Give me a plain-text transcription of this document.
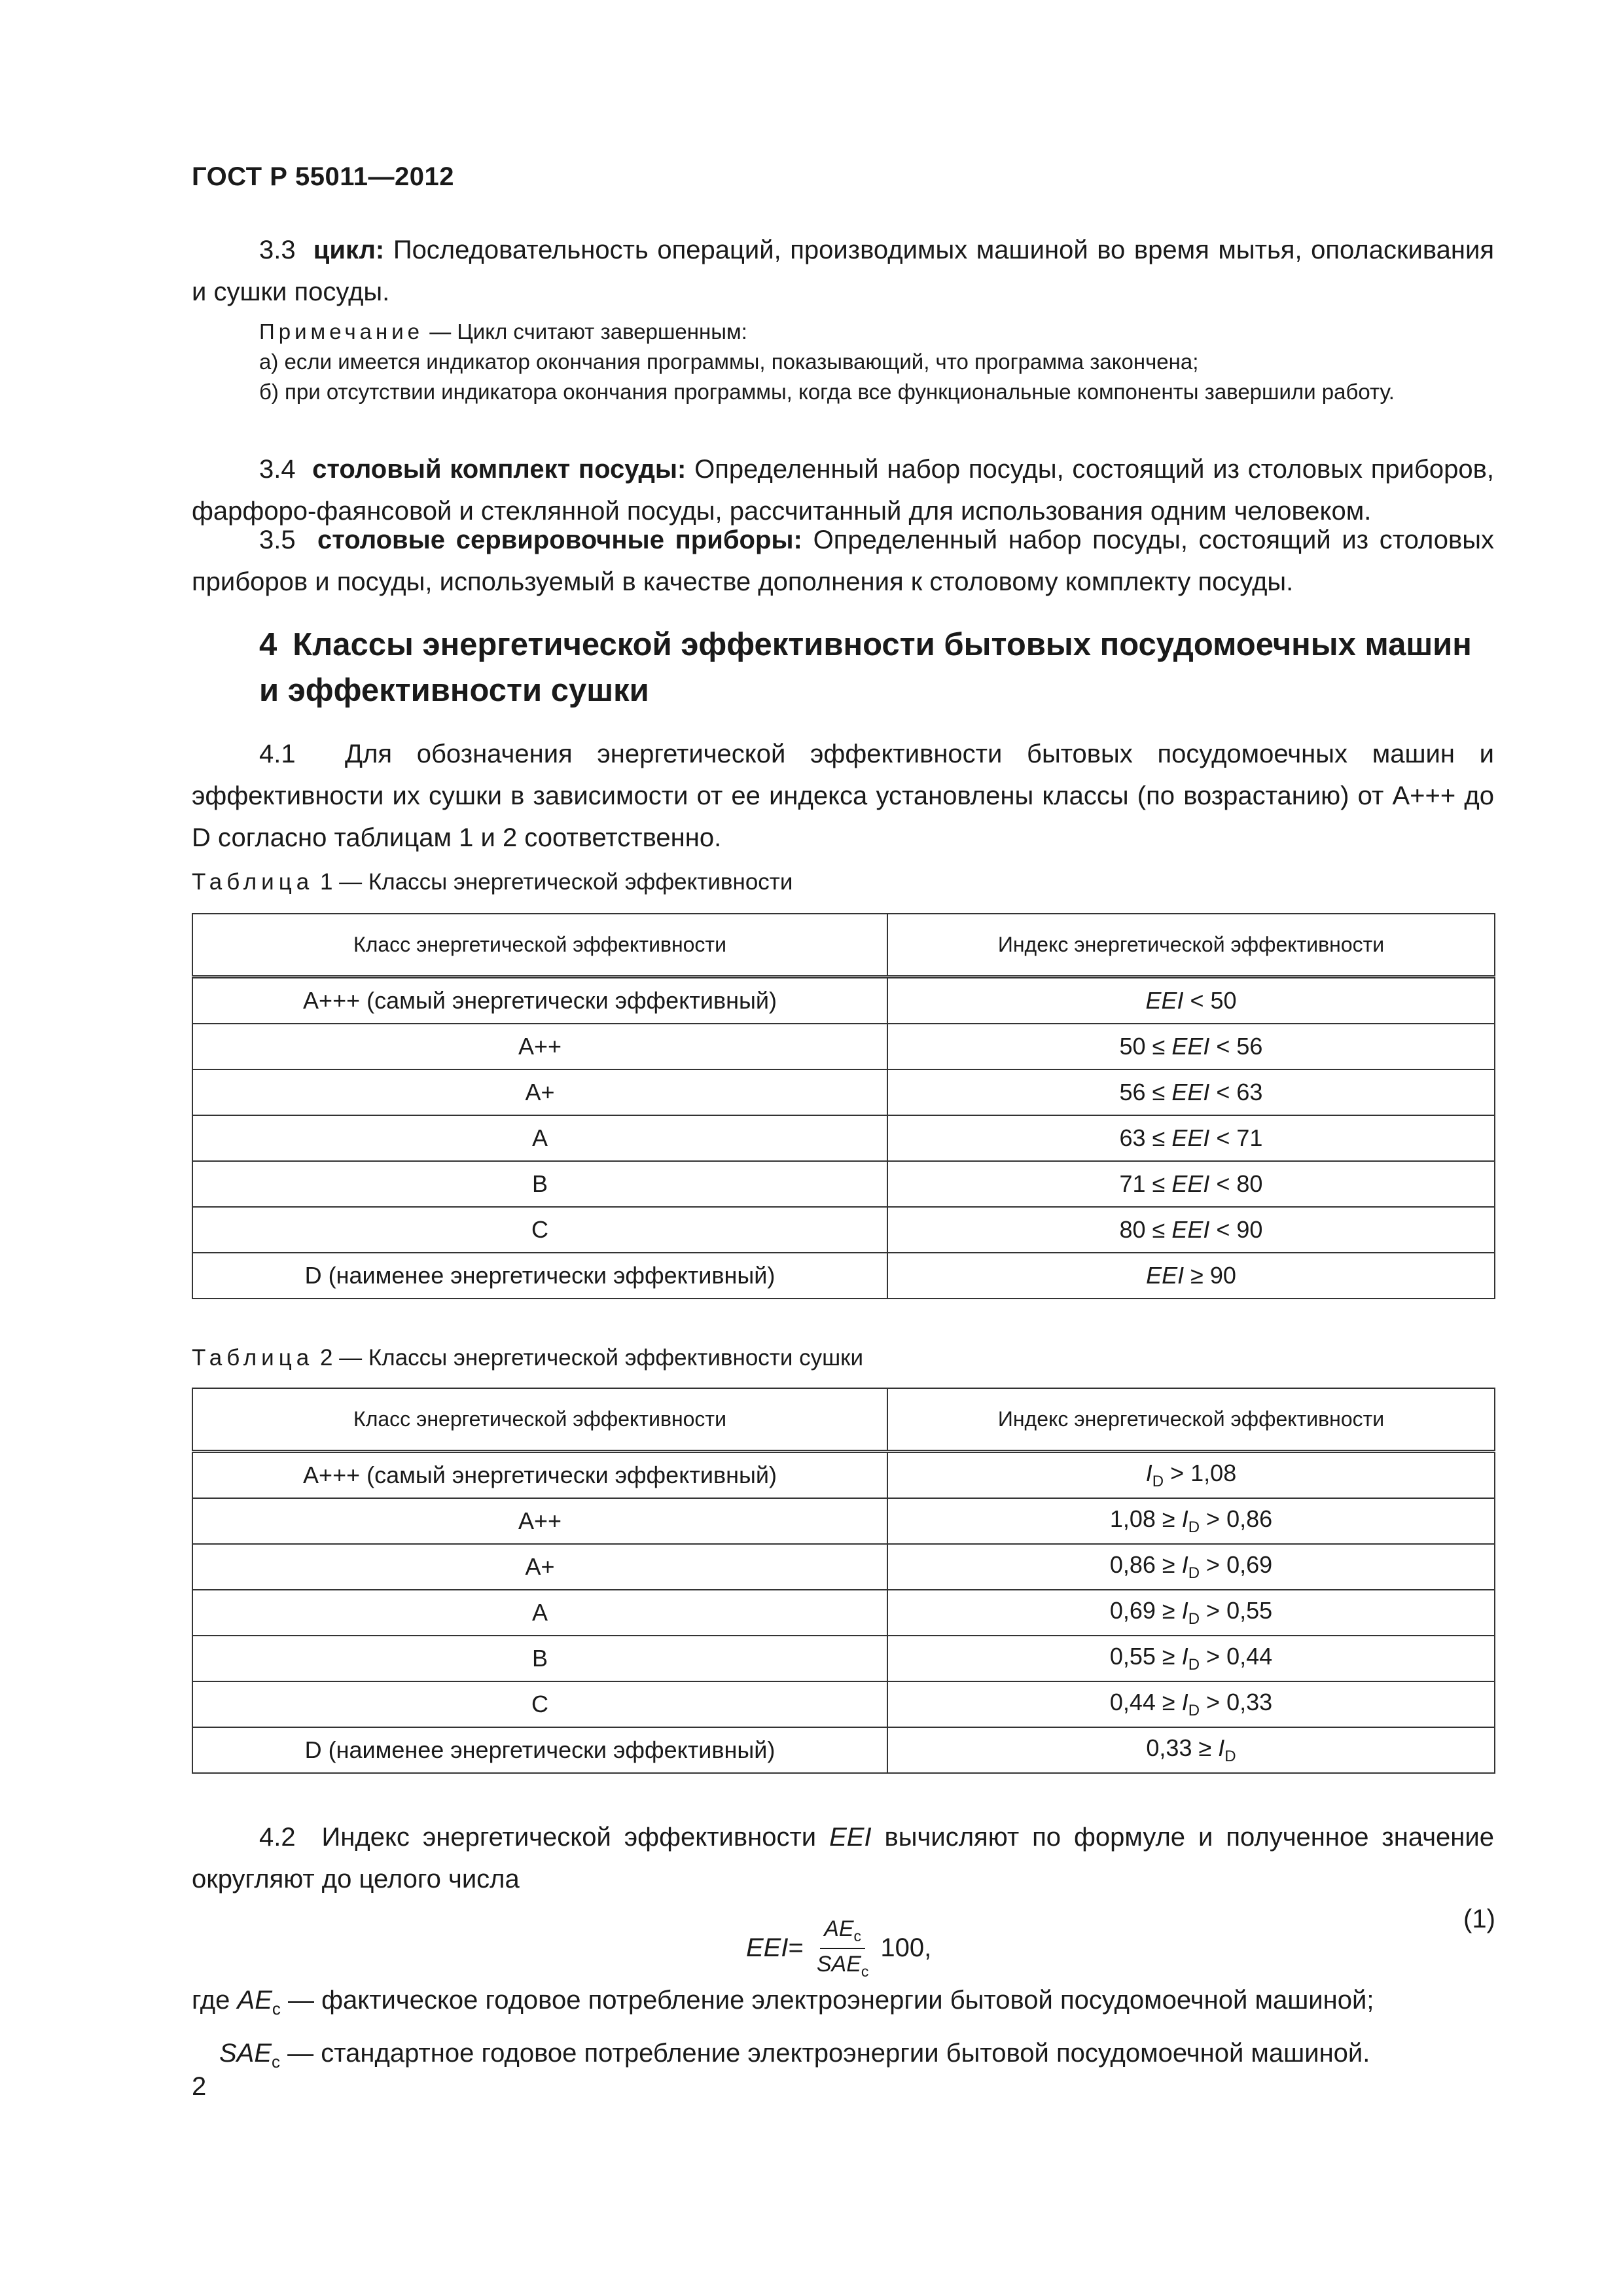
ГОСТ Р 55011—2012

3.3 цикл: Последовательность операций, производимых машиной во время мытья, ополаскивания и сушки посуды.

Примечание — Цикл считают завершенным:

а) если имеется индикатор окончания программы, показывающий, что программа закончена;

б) при отсутствии индикатора окончания программы, когда все функциональные компоненты завершили работу.

3.4 столовый комплект посуды: Определенный набор посуды, состоящий из столовых приборов, фарфоро-фаянсовой и стеклянной посуды, рассчитанный для использования одним человеком.

3.5 столовые сервировочные приборы: Определенный набор посуды, состоящий из столовых приборов и посуды, используемый в качестве дополнения к столовому комплекту посуды.

4 Классы энергетической эффективности бытовых посудомоечных машин и эффективности сушки

4.1 Для обозначения энергетической эффективности бытовых посудомоечных машин и эффективности их сушки в зависимости от ее индекса установлены классы (по возрастанию) от А+++ до D согласно таблицам 1 и 2 соответственно.

Таблица 1 — Классы энергетической эффективности
Класс энергетической эффективности	Индекс энергетической эффективности
А+++ (самый энергетически эффективный)	EEI < 50
А++	50 ≤ EEI < 56
А+	56 ≤ EEI < 63
А	63 ≤ EEI < 71
В	71 ≤ EEI < 80
С	80 ≤ EEI < 90
D (наименее энергетически эффективный)	EEI ≥ 90
Таблица 2 — Классы энергетической эффективности сушки
Класс энергетической эффективности	Индекс энергетической эффективности
А+++ (самый энергетически эффективный)	$I_D > 1,08$
А++	$1,08 \ge I_D > 0,86$
А+	$0,86 \ge I_D > 0,69$
А	$0,69 \ge I_D > 0,55$
В	$0,55 \ge I_D > 0,44$
С	$0,44 \ge I_D > 0,33$
D (наименее энергетически эффективный)	$0,33 \ge I_D$

4.2 Индекс энергетической эффективности EEI вычисляют по формуле и полученное значение округляют до целого числа

EEI = $\frac{AE_c}{SAE_c} 100$,
(1)
где $AE_с$ — фактическое годовое потребление электроэнергии бытовой посудомоечной машиной;
$SAE_с$ — стандартное годовое потребление электроэнергии бытовой посудомоечной машиной.
2
